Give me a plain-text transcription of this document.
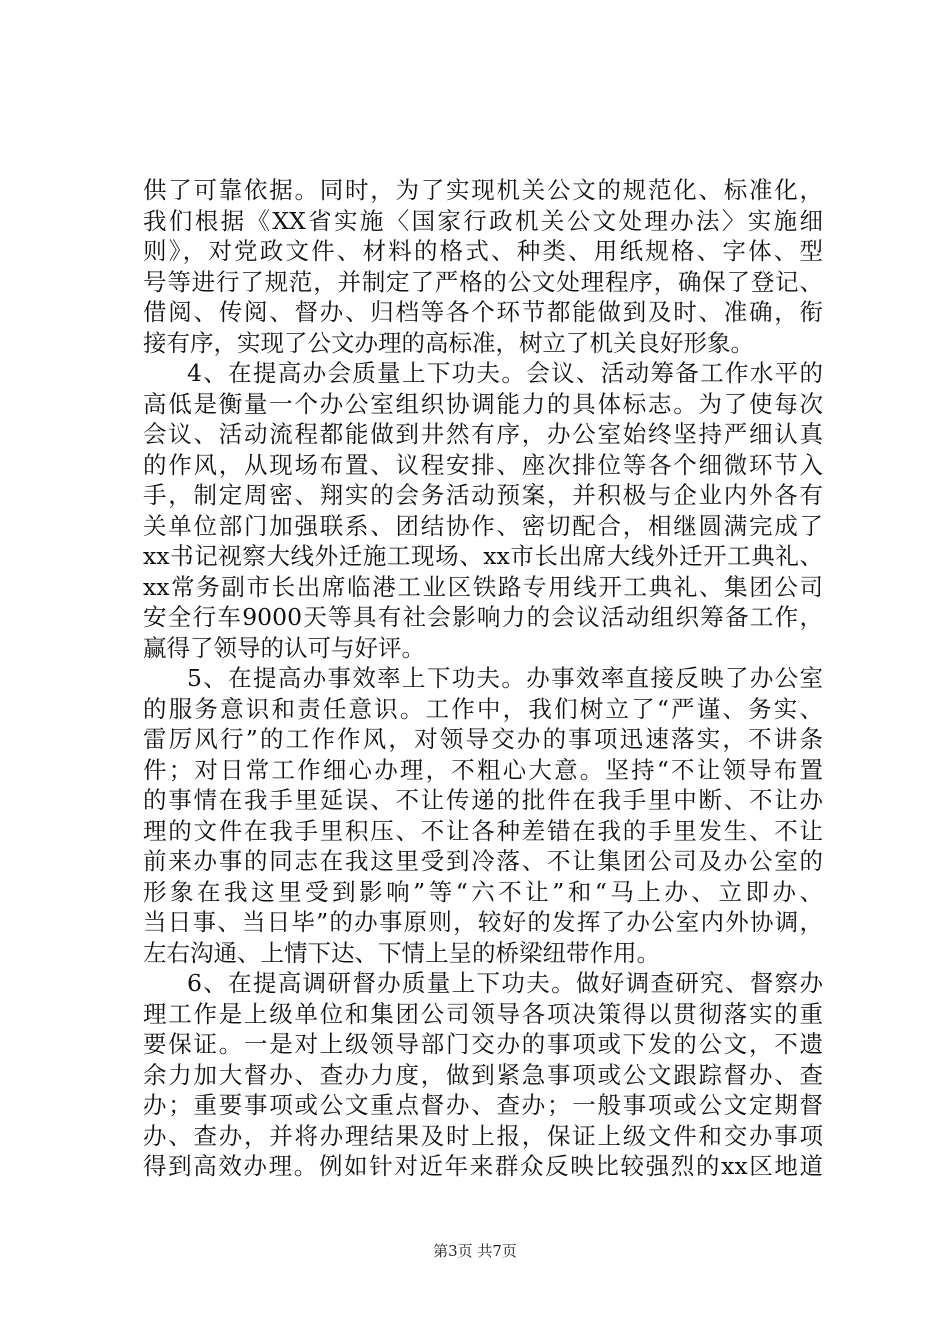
供了可靠依据。同时，为了实现机关公文的规范化、标准化，
我们根据《XX省实施〈国家行政机关公文处理办法〉实施细
则》，对党政文件、材料的格式、种类、用纸规格、字体、型
号等进行了规范，并制定了严格的公文处理程序，确保了登记、
借阅、传阅、督办、归档等各个环节都能做到及时、准确，衔
接有序，实现了公文办理的高标准，树立了机关良好形象。
4、在提高办会质量上下功夫。会议、活动筹备工作水平的
高低是衡量一个办公室组织协调能力的具体标志。为了使每次
会议、活动流程都能做到井然有序，办公室始终坚持严细认真
的作风，从现场布置、议程安排、座次排位等各个细微环节入
手，制定周密、翔实的会务活动预案，并积极与企业内外各有
关单位部门加强联系、团结协作、密切配合，相继圆满完成了
xx书记视察大线外迁施工现场、xx市长出席大线外迁开工典礼、
xx常务副市长出席临港工业区铁路专用线开工典礼、集团公司
安全行车9000天等具有社会影响力的会议活动组织筹备工作，
赢得了领导的认可与好评。
5、在提高办事效率上下功夫。办事效率直接反映了办公室
的服务意识和责任意识。工作中，我们树立了“严谨、务实、
雷厉风行”的工作作风，对领导交办的事项迅速落实，不讲条
件；对日常工作细心办理，不粗心大意。坚持“不让领导布置
的事情在我手里延误、不让传递的批件在我手里中断、不让办
理的文件在我手里积压、不让各种差错在我的手里发生、不让
前来办事的同志在我这里受到冷落、不让集团公司及办公室的
形象在我这里受到影响”等“六不让”和“马上办、立即办、
当日事、当日毕”的办事原则，较好的发挥了办公室内外协调，
左右沟通、上情下达、下情上呈的桥梁纽带作用。
6、在提高调研督办质量上下功夫。做好调查研究、督察办
理工作是上级单位和集团公司领导各项决策得以贯彻落实的重
要保证。一是对上级领导部门交办的事项或下发的公文，不遗
余力加大督办、查办力度，做到紧急事项或公文跟踪督办、查
办；重要事项或公文重点督办、查办；一般事项或公文定期督
办、查办，并将办理结果及时上报，保证上级文件和交办事项
得到高效办理。例如针对近年来群众反映比较强烈的xx区地道
第3页 共7页
